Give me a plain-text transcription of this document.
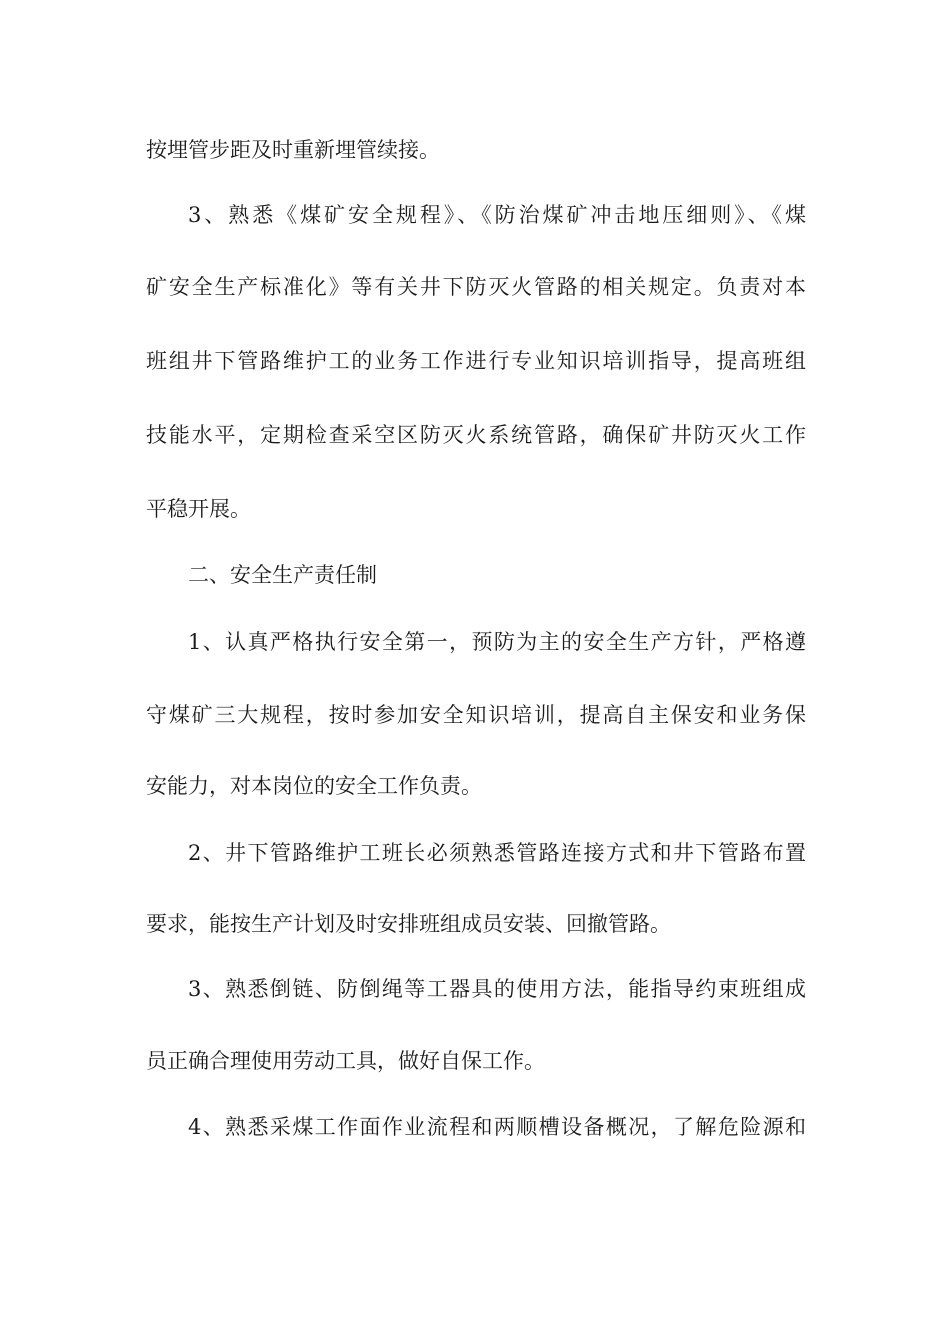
按埋管步距及时重新埋管续接。

3、熟悉《煤矿安全规程》、《防治煤矿冲击地压细则》、《煤

矿安全生产标准化》等有关井下防灭火管路的相关规定。负责对本

班组井下管路维护工的业务工作进行专业知识培训指导，提高班组

技能水平，定期检查采空区防灭火系统管路，确保矿井防灭火工作

平稳开展。

二、安全生产责任制

1、认真严格执行安全第一，预防为主的安全生产方针，严格遵

守煤矿三大规程，按时参加安全知识培训，提高自主保安和业务保

安能力，对本岗位的安全工作负责。

2、井下管路维护工班长必须熟悉管路连接方式和井下管路布置

要求，能按生产计划及时安排班组成员安装、回撤管路。

3、熟悉倒链、防倒绳等工器具的使用方法，能指导约束班组成

员正确合理使用劳动工具，做好自保工作。

4、熟悉采煤工作面作业流程和两顺槽设备概况，了解危险源和
